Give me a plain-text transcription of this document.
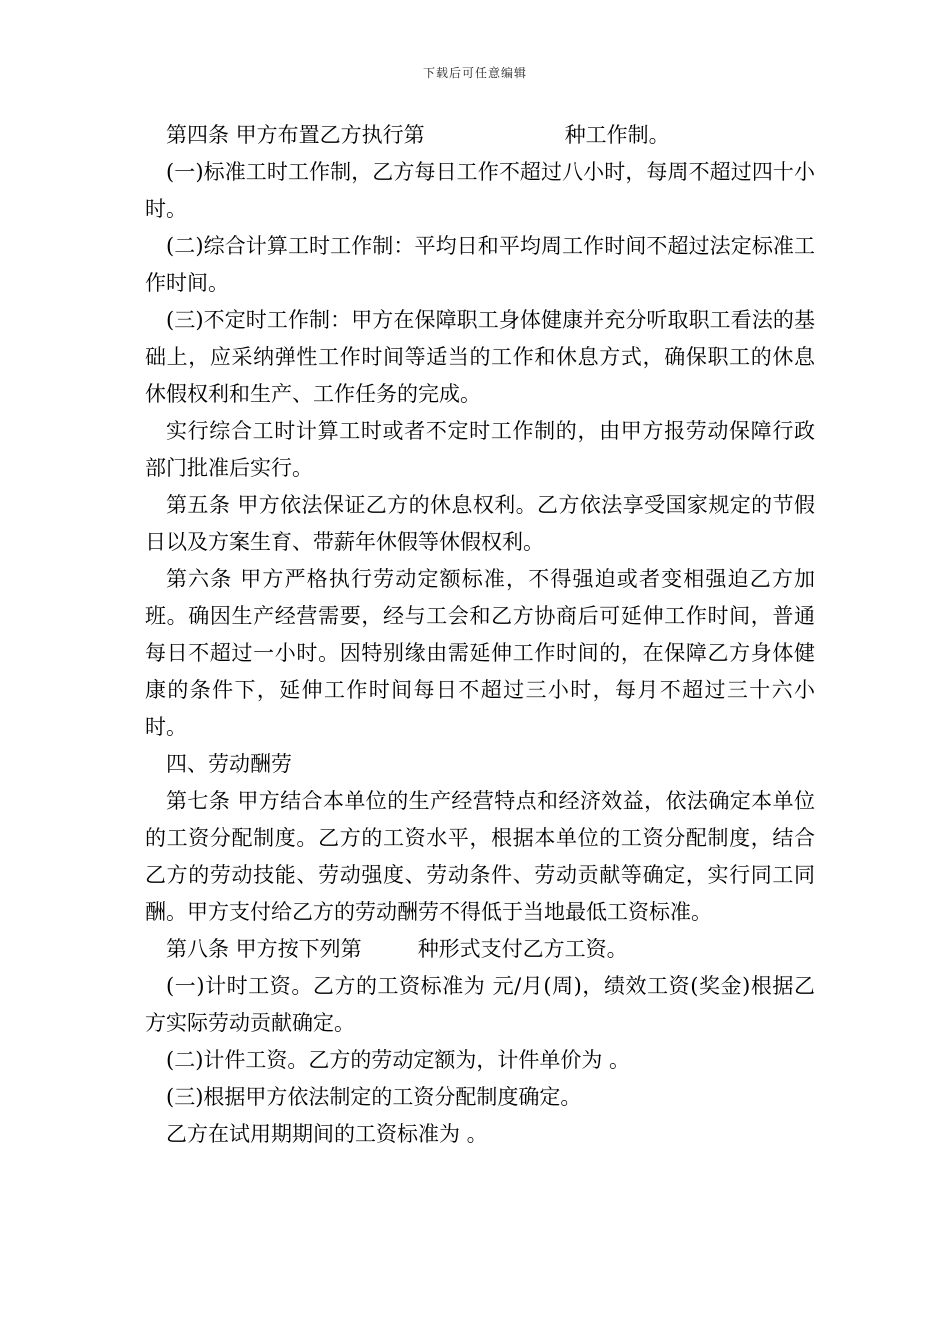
下载后可任意编辑

第四条 甲方布置乙方执行第	种工作制。

(一)标准工时工作制，乙方每日工作不超过八小时，每周不超过四十小时。

(二)综合计算工时工作制：平均日和平均周工作时间不超过法定标准工作时间。

(三)不定时工作制：甲方在保障职工身体健康并充分听取职工看法的基础上，应采纳弹性工作时间等适当的工作和休息方式，确保职工的休息休假权利和生产、工作任务的完成。

实行综合工时计算工时或者不定时工作制的，由甲方报劳动保障行政部门批准后实行。

第五条 甲方依法保证乙方的休息权利。乙方依法享受国家规定的节假日以及方案生育、带薪年休假等休假权利。

第六条 甲方严格执行劳动定额标准，不得强迫或者变相强迫乙方加班。确因生产经营需要，经与工会和乙方协商后可延伸工作时间，普通每日不超过一小时。因特别缘由需延伸工作时间的，在保障乙方身体健康的条件下，延伸工作时间每日不超过三小时，每月不超过三十六小时。

四、劳动酬劳

第七条 甲方结合本单位的生产经营特点和经济效益，依法确定本单位的工资分配制度。乙方的工资水平，根据本单位的工资分配制度，结合乙方的劳动技能、劳动强度、劳动条件、劳动贡献等确定，实行同工同酬。甲方支付给乙方的劳动酬劳不得低于当地最低工资标准。

第八条 甲方按下列第	种形式支付乙方工资。

(一)计时工资。乙方的工资标准为 元/月(周)，绩效工资(奖金)根据乙方实际劳动贡献确定。

(二)计件工资。乙方的劳动定额为，计件单价为 。

(三)根据甲方依法制定的工资分配制度确定。

乙方在试用期期间的工资标准为 。
